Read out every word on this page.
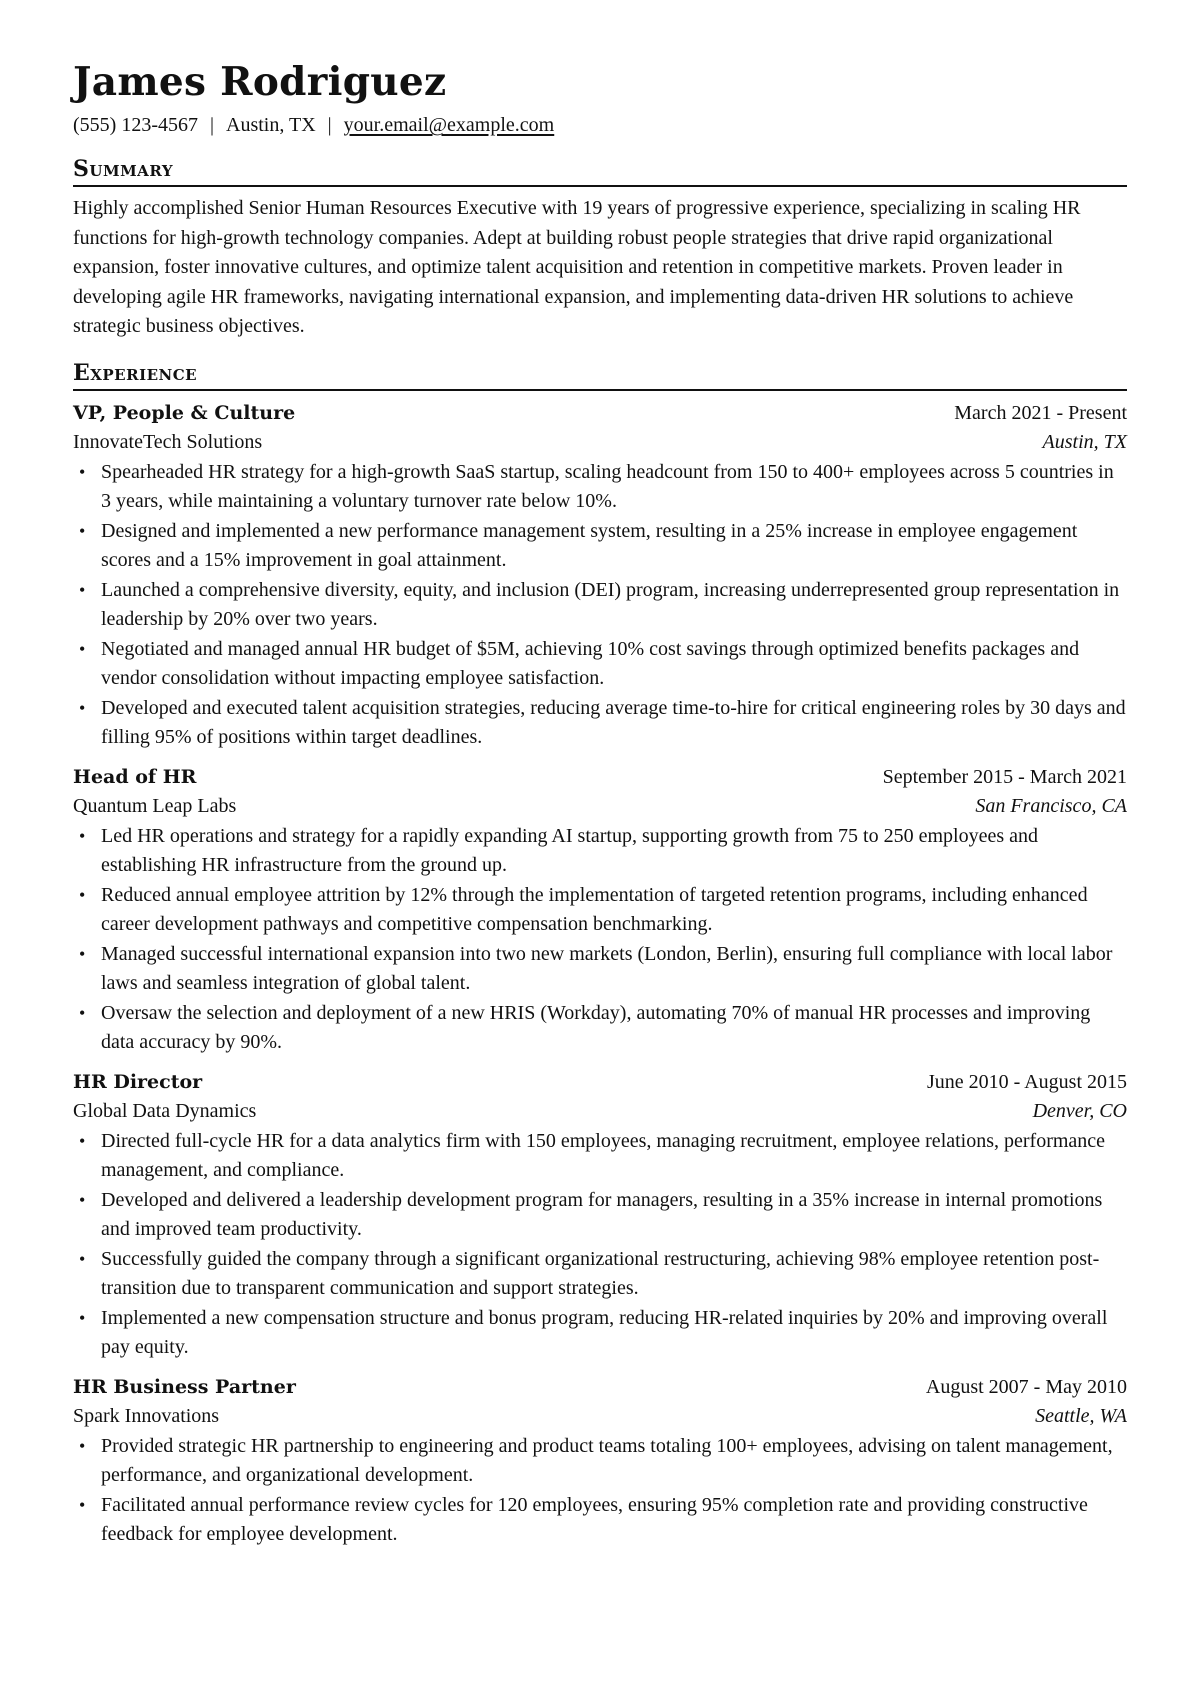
James Rodriguez
(555) 123-4567 | Austin, TX | your.email@example.com
Summary
Highly accomplished Senior Human Resources Executive with 19 years of progressive experience, specializing in scaling HR functions for high-growth technology companies. Adept at building robust people strategies that drive rapid organizational expansion, foster innovative cultures, and optimize talent acquisition and retention in competitive markets. Proven leader in developing agile HR frameworks, navigating international expansion, and implementing data-driven HR solutions to achieve strategic business objectives.
Experience
VP, People & Culture	March 2021 - Present
InnovateTech Solutions	Austin, TX
• Spearheaded HR strategy for a high-growth SaaS startup, scaling headcount from 150 to 400+ employees across 5 countries in 3 years, while maintaining a voluntary turnover rate below 10%.
• Designed and implemented a new performance management system, resulting in a 25% increase in employee engagement scores and a 15% improvement in goal attainment.
• Launched a comprehensive diversity, equity, and inclusion (DEI) program, increasing underrepresented group representation in leadership by 20% over two years.
• Negotiated and managed annual HR budget of $5M, achieving 10% cost savings through optimized benefits packages and vendor consolidation without impacting employee satisfaction.
• Developed and executed talent acquisition strategies, reducing average time-to-hire for critical engineering roles by 30 days and filling 95% of positions within target deadlines.
Head of HR	September 2015 - March 2021
Quantum Leap Labs	San Francisco, CA
• Led HR operations and strategy for a rapidly expanding AI startup, supporting growth from 75 to 250 employees and establishing HR infrastructure from the ground up.
• Reduced annual employee attrition by 12% through the implementation of targeted retention programs, including enhanced career development pathways and competitive compensation benchmarking.
• Managed successful international expansion into two new markets (London, Berlin), ensuring full compliance with local labor laws and seamless integration of global talent.
• Oversaw the selection and deployment of a new HRIS (Workday), automating 70% of manual HR processes and improving data accuracy by 90%.
HR Director	June 2010 - August 2015
Global Data Dynamics	Denver, CO
• Directed full-cycle HR for a data analytics firm with 150 employees, managing recruitment, employee relations, performance management, and compliance.
• Developed and delivered a leadership development program for managers, resulting in a 35% increase in internal promotions and improved team productivity.
• Successfully guided the company through a significant organizational restructuring, achieving 98% employee retention post-transition due to transparent communication and support strategies.
• Implemented a new compensation structure and bonus program, reducing HR-related inquiries by 20% and improving overall pay equity.
HR Business Partner	August 2007 - May 2010
Spark Innovations	Seattle, WA
• Provided strategic HR partnership to engineering and product teams totaling 100+ employees, advising on talent management, performance, and organizational development.
• Facilitated annual performance review cycles for 120 employees, ensuring 95% completion rate and providing constructive feedback for employee development.
